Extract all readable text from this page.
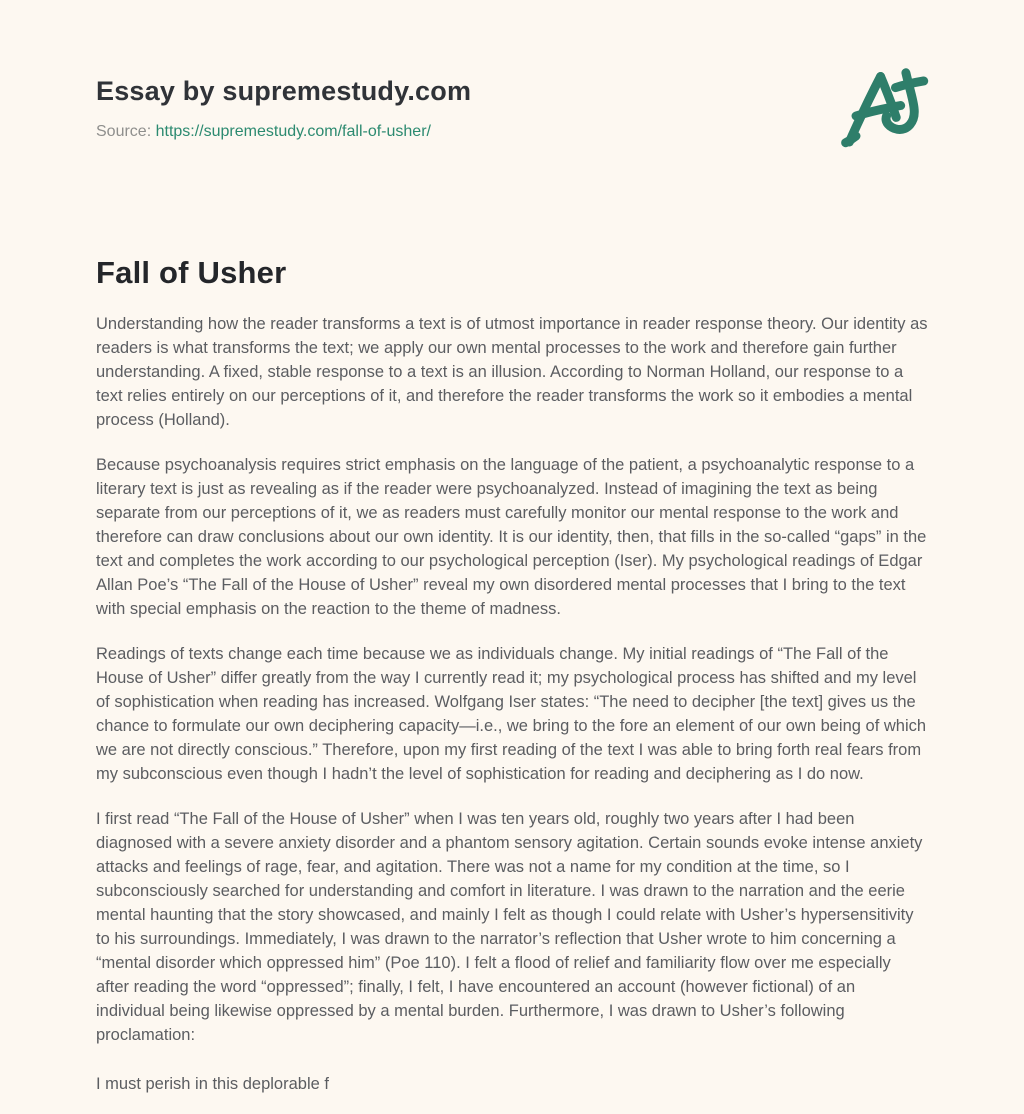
Essay by supremestudy.com

Source: https://supremestudy.com/fall-of-usher/

Fall of Usher

Understanding how the reader transforms a text is of utmost importance in reader response theory. Our identity as readers is what transforms the text; we apply our own mental processes to the work and therefore gain further understanding. A fixed, stable response to a text is an illusion. According to Norman Holland, our response to a text relies entirely on our perceptions of it, and therefore the reader transforms the work so it embodies a mental process (Holland).

Because psychoanalysis requires strict emphasis on the language of the patient, a psychoanalytic response to a literary text is just as revealing as if the reader were psychoanalyzed. Instead of imagining the text as being separate from our perceptions of it, we as readers must carefully monitor our mental response to the work and therefore can draw conclusions about our own identity. It is our identity, then, that fills in the so-called “gaps” in the text and completes the work according to our psychological perception (Iser). My psychological readings of Edgar Allan Poe’s “The Fall of the House of Usher” reveal my own disordered mental processes that I bring to the text with special emphasis on the reaction to the theme of madness.

Readings of texts change each time because we as individuals change. My initial readings of “The Fall of the House of Usher” differ greatly from the way I currently read it; my psychological process has shifted and my level of sophistication when reading has increased. Wolfgang Iser states: “The need to decipher [the text] gives us the chance to formulate our own deciphering capacity—i.e., we bring to the fore an element of our own being of which we are not directly conscious.” Therefore, upon my first reading of the text I was able to bring forth real fears from my subconscious even though I hadn’t the level of sophistication for reading and deciphering as I do now.

I first read “The Fall of the House of Usher” when I was ten years old, roughly two years after I had been diagnosed with a severe anxiety disorder and a phantom sensory agitation. Certain sounds evoke intense anxiety attacks and feelings of rage, fear, and agitation. There was not a name for my condition at the time, so I subconsciously searched for understanding and comfort in literature. I was drawn to the narration and the eerie mental haunting that the story showcased, and mainly I felt as though I could relate with Usher’s hypersensitivity to his surroundings. Immediately, I was drawn to the narrator’s reflection that Usher wrote to him concerning a “mental disorder which oppressed him” (Poe 110). I felt a flood of relief and familiarity flow over me especially after reading the word “oppressed”; finally, I felt, I have encountered an account (however fictional) of an individual being likewise oppressed by a mental burden. Furthermore, I was drawn to Usher’s following proclamation:

I must perish in this deplorable f
